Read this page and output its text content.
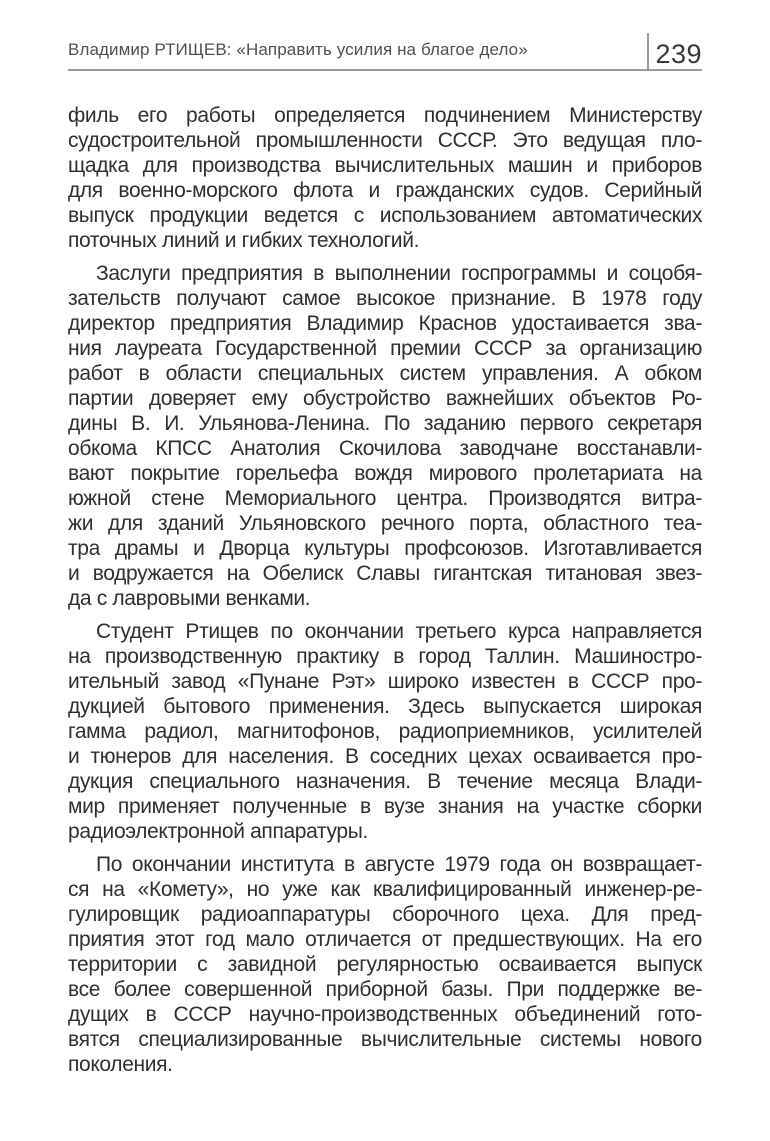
Владимир РТИЩЕВ: «Направить усилия на благое дело»	239
филь его работы определяется подчинением Министерству
судостроительной промышленности СССР. Это ведущая пло-
щадка для производства вычислительных машин и приборов
для военно-морского флота и гражданских судов. Серийный
выпуск продукции ведется с использованием автоматических
поточных линий и гибких технологий.
Заслуги предприятия в выполнении госпрограммы и соцобя-
зательств получают самое высокое признание. В 1978 году
директор предприятия Владимир Краснов удостаивается зва-
ния лауреата Государственной премии СССР за организацию
работ в области специальных систем управления. А обком
партии доверяет ему обустройство важнейших объектов Ро-
дины В. И. Ульянова-Ленина. По заданию первого секретаря
обкома КПСС Анатолия Скочилова заводчане восстанавли-
вают покрытие горельефа вождя мирового пролетариата на
южной стене Мемориального центра. Производятся витра-
жи для зданий Ульяновского речного порта, областного теа-
тра драмы и Дворца культуры профсоюзов. Изготавливается
и водружается на Обелиск Славы гигантская титановая звез-
да с лавровыми венками.
Студент Ртищев по окончании третьего курса направляется
на производственную практику в город Таллин. Машиностро-
ительный завод «Пунане Рэт» широко известен в СССР про-
дукцией бытового применения. Здесь выпускается широкая
гамма радиол, магнитофонов, радиоприемников, усилителей
и тюнеров для населения. В соседних цехах осваивается про-
дукция специального назначения. В течение месяца Влади-
мир применяет полученные в вузе знания на участке сборки
радиоэлектронной аппаратуры.
По окончании института в августе 1979 года он возвращает-
ся на «Комету», но уже как квалифицированный инженер-ре-
гулировщик радиоаппаратуры сборочного цеха. Для пред-
приятия этот год мало отличается от предшествующих. На его
территории с завидной регулярностью осваивается выпуск
все более совершенной приборной базы. При поддержке ве-
дущих в СССР научно-производственных объединений гото-
вятся специализированные вычислительные системы нового
поколения.
